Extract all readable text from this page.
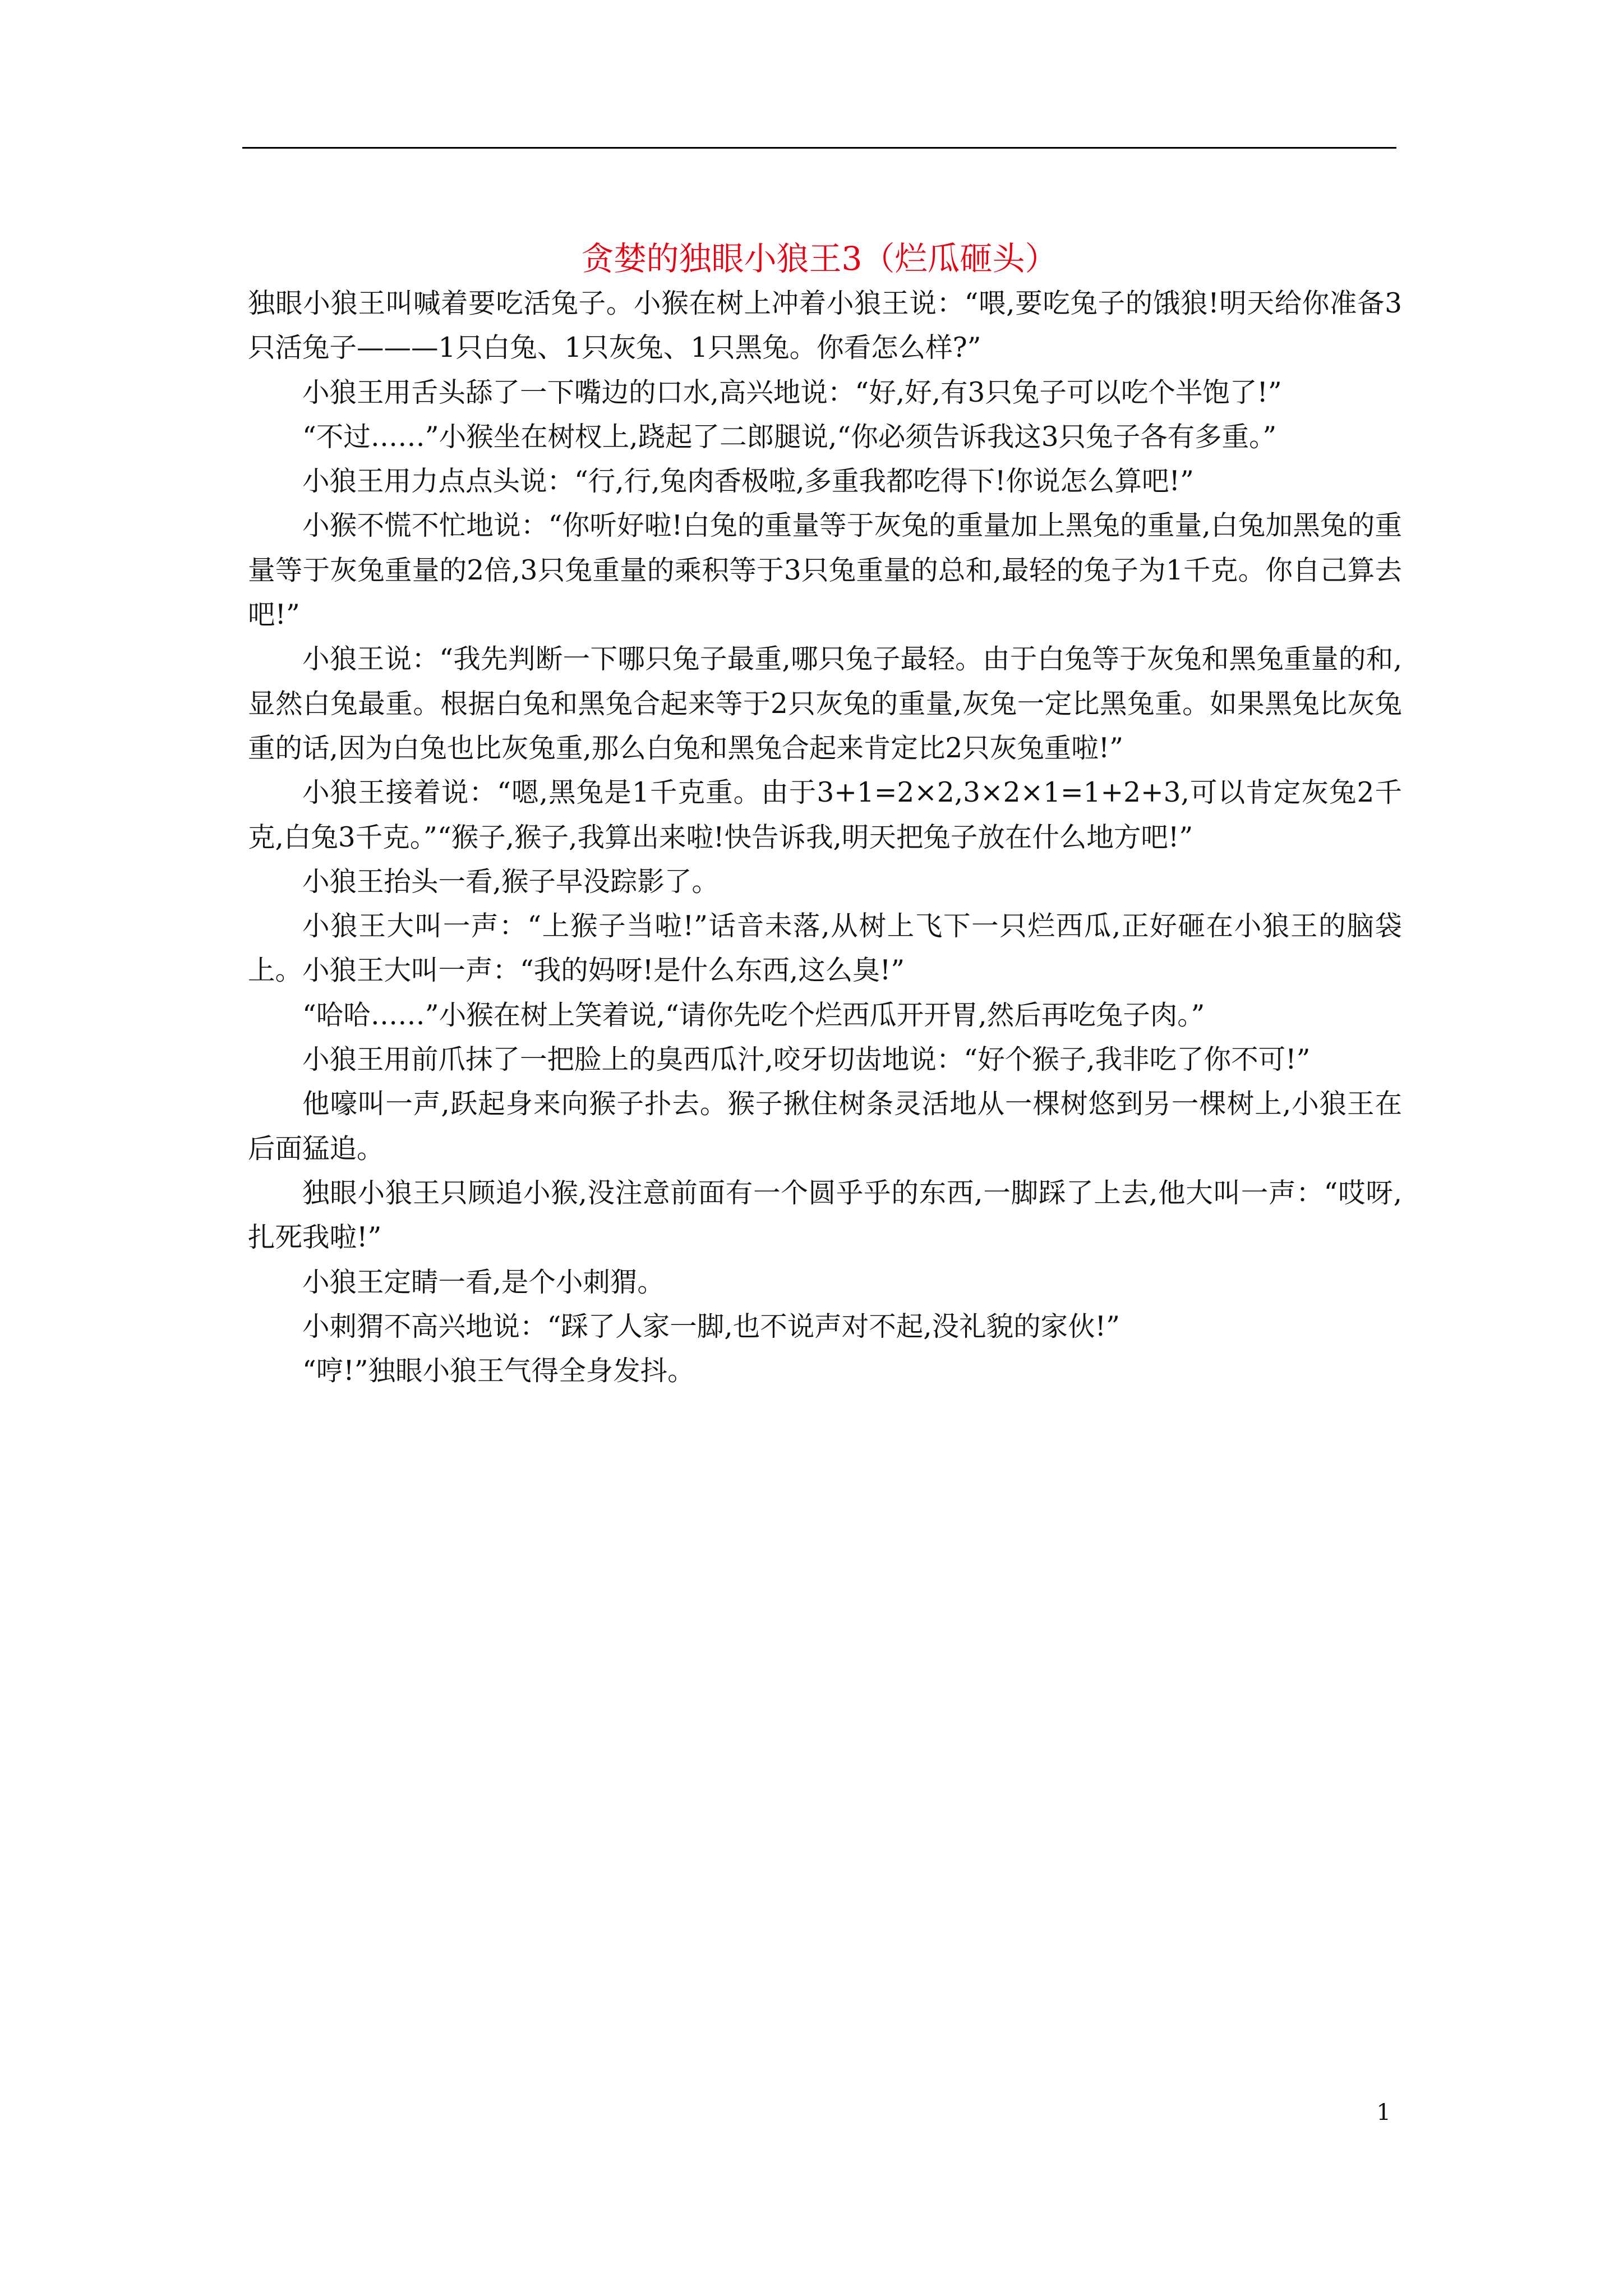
贪婪的独眼小狼王3（烂瓜砸头）

独眼小狼王叫喊着要吃活兔子。小猴在树上冲着小狼王说：“喂,要吃兔子的饿狼!明天给你准备3只活兔子———1只白兔、1只灰兔、1只黑兔。你看怎么样?”

小狼王用舌头舔了一下嘴边的口水,高兴地说：“好,好,有3只兔子可以吃个半饱了!”

“不过……”小猴坐在树杈上,跷起了二郎腿说,“你必须告诉我这3只兔子各有多重。”

小狼王用力点点头说：“行,行,兔肉香极啦,多重我都吃得下!你说怎么算吧!”

小猴不慌不忙地说：“你听好啦!白兔的重量等于灰兔的重量加上黑兔的重量,白兔加黑兔的重量等于灰兔重量的2倍,3只兔重量的乘积等于3只兔重量的总和,最轻的兔子为1千克。你自己算去吧!”

小狼王说：“我先判断一下哪只兔子最重,哪只兔子最轻。由于白兔等于灰兔和黑兔重量的和,显然白兔最重。根据白兔和黑兔合起来等于2只灰兔的重量,灰兔一定比黑兔重。如果黑兔比灰兔重的话,因为白兔也比灰兔重,那么白兔和黑兔合起来肯定比2只灰兔重啦!”

小狼王接着说：“嗯,黑兔是1千克重。由于3+1=2×2,3×2×1=1+2+3,可以肯定灰兔2千克,白兔3千克。”“猴子,猴子,我算出来啦!快告诉我,明天把兔子放在什么地方吧!”

小狼王抬头一看,猴子早没踪影了。

小狼王大叫一声：“上猴子当啦!”话音未落,从树上飞下一只烂西瓜,正好砸在小狼王的脑袋上。小狼王大叫一声：“我的妈呀!是什么东西,这么臭!”

“哈哈……”小猴在树上笑着说,“请你先吃个烂西瓜开开胃,然后再吃兔子肉。”

小狼王用前爪抹了一把脸上的臭西瓜汁,咬牙切齿地说：“好个猴子,我非吃了你不可!”

他嚎叫一声,跃起身来向猴子扑去。猴子揪住树条灵活地从一棵树悠到另一棵树上,小狼王在后面猛追。

独眼小狼王只顾追小猴,没注意前面有一个圆乎乎的东西,一脚踩了上去,他大叫一声：“哎呀,扎死我啦!”

小狼王定睛一看,是个小刺猬。

小刺猬不高兴地说：“踩了人家一脚,也不说声对不起,没礼貌的家伙!”

“哼!”独眼小狼王气得全身发抖。

1
